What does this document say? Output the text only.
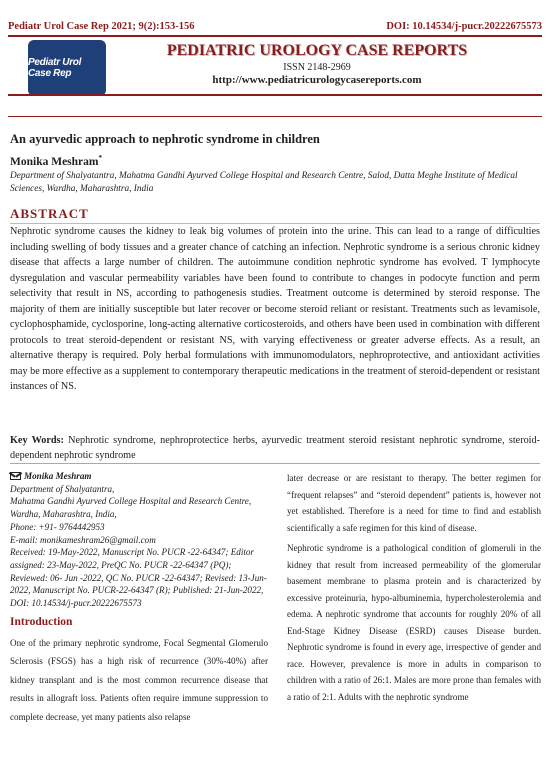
Pediatr Urol Case Rep 2021; 9(2):153-156	DOI: 10.14534/j-pucr.20222675573
Pediatr Urol Case Rep
PEDIATRIC UROLOGY CASE REPORTS
ISSN 2148-2969
http://www.pediatricurologycasereports.com
An ayurvedic approach to nephrotic syndrome in children
Monika Meshram*
Department of Shalyatantra, Mahatma Gandhi Ayurved College Hospital and Research Centre, Salod, Datta Meghe Institute of Medical Sciences, Wardha, Maharashtra, India
ABSTRACT
Nephrotic syndrome causes the kidney to leak big volumes of protein into the urine. This can lead to a range of difficulties including swelling of body tissues and a greater chance of catching an infection. Nephrotic syndrome is a serious chronic kidney disease that affects a large number of children. The autoimmune condition nephrotic syndrome has evolved. T lymphocyte dysregulation and vascular permeability variables have been found to contribute to changes in podocyte function and perm selectivity that result in NS, according to pathogenesis studies. Treatment outcome is determined by steroid response. The majority of them are initially susceptible but later recover or become steroid reliant or resistant. Treatments such as levamisole, cyclophosphamide, cyclosporine, long-acting alternative corticosteroids, and others have been used in combination with different protocols to treat steroid-dependent or resistant NS, with varying effectiveness or greater adverse effects. As a result, an alternative therapy is required. Poly herbal formulations with immunomodulators, nephroprotective, and antioxidant activities may be more effective as a supplement to contemporary therapeutic medications in the treatment of steroid-dependent or resistant instances of NS.
Key Words: Nephrotic syndrome, nephroprotectice herbs, ayurvedic treatment steroid resistant nephrotic syndrome, steroid-dependent nephrotic syndrome
Monika Meshram
Department of Shalyatantra,
Mahatma Gandhi Ayurved College Hospital and Research Centre,
Wardha, Maharashtra, India,
Phone: +91- 9764442953
E-mail: monikameshram26@gmail.com
Received: 19-May-2022, Manuscript No. PUCR -22-64347; Editor assigned: 23-May-2022, PreQC No. PUCR -22-64347 (PQ); Reviewed: 06- Jun -2022, QC No. PUCR -22-64347; Revised: 13-Jun-2022, Manuscript No. PUCR-22-64347 (R); Published: 21-Jun-2022, DOI: 10.14534/j-pucr.20222675573
Introduction
One of the primary nephrotic syndrome, Focal Segmental Glomerulo Sclerosis (FSGS) has a high risk of recurrence (30%-40%) after kidney transplant and is the most common recurrence disease that results in allograft loss. Patients often require immune suppression to complete decrease, yet many patients also relapse

later decrease or are resistant to therapy. The better regimen for “frequent relapses” and “steroid dependent” patients is, however not yet established. Therefore is a need for time to find and establish scientifically a safe regimen for this kind of disease.

Nephrotic syndrome is a pathological condition of glomeruli in the kidney that result from increased permeability of the glomerular basement membrane to plasma protein and is characterized by excessive proteinuria, hypo-albuminemia, hypercholesterolemia and edema. A nephrotic syndrome that accounts for roughly 20% of all End-Stage Kidney Disease (ESRD) causes Disease burden. Nephrotic syndrome is found in every age, irrespective of gender and race. However, prevalence is more in adults in comparison to children with a ratio of 26:1. Males are more prone than females with a ratio of 2:1. Adults with the nephrotic syndrome
